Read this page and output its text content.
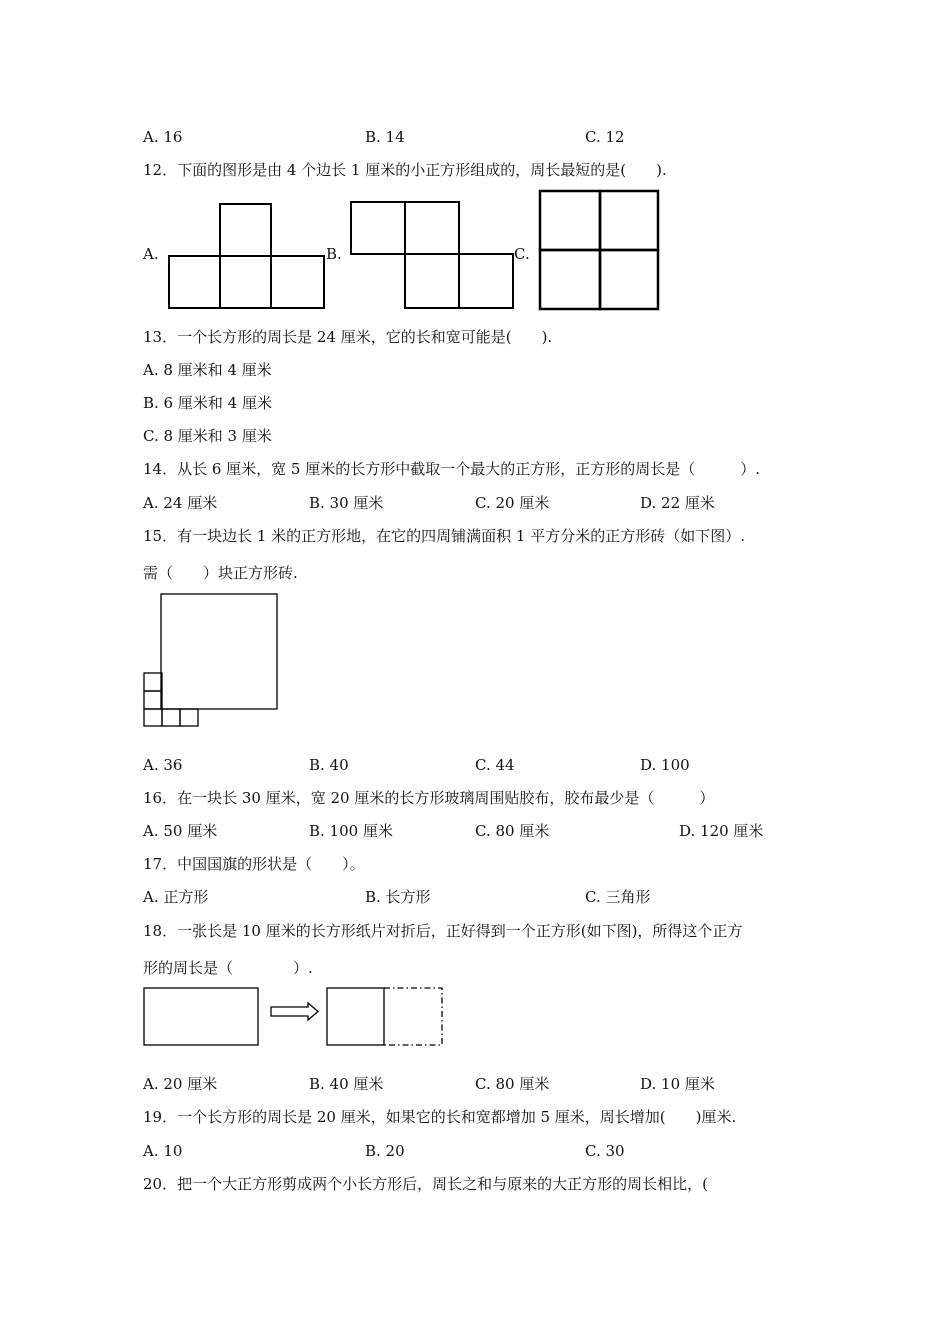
A. 16	B. 14	C. 12
12．下面的图形是由 4 个边长 1 厘米的小正方形组成的，周长最短的是(　　).
A.	B.	C.
13．一个长方形的周长是 24 厘米，它的长和宽可能是(　　).
A. 8 厘米和 4 厘米
B. 6 厘米和 4 厘米
C. 8 厘米和 3 厘米
14．从长 6 厘米，宽 5 厘米的长方形中截取一个最大的正方形，正方形的周长是（　　　）.
A. 24 厘米	B. 30 厘米	C. 20 厘米	D. 22 厘米
15．有一块边长 1 米的正方形地，在它的四周铺满面积 1 平方分米的正方形砖（如下图）.
需（　　）块正方形砖.
A. 36	B. 40	C. 44	D. 100
16．在一块长 30 厘米，宽 20 厘米的长方形玻璃周围贴胶布，胶布最少是（　　　）
A. 50 厘米	B. 100 厘米	C. 80 厘米	D. 120 厘米
17．中国国旗的形状是（　　）。
A. 正方形	B. 长方形	C. 三角形
18．一张长是 10 厘米的长方形纸片对折后，正好得到一个正方形(如下图)，所得这个正方
形的周长是（　　　　）.
A. 20 厘米	B. 40 厘米	C. 80 厘米	D. 10 厘米
19．一个长方形的周长是 20 厘米，如果它的长和宽都增加 5 厘米，周长增加(　　)厘米.
A. 10	B. 20	C. 30
20．把一个大正方形剪成两个小长方形后，周长之和与原来的大正方形的周长相比，(
